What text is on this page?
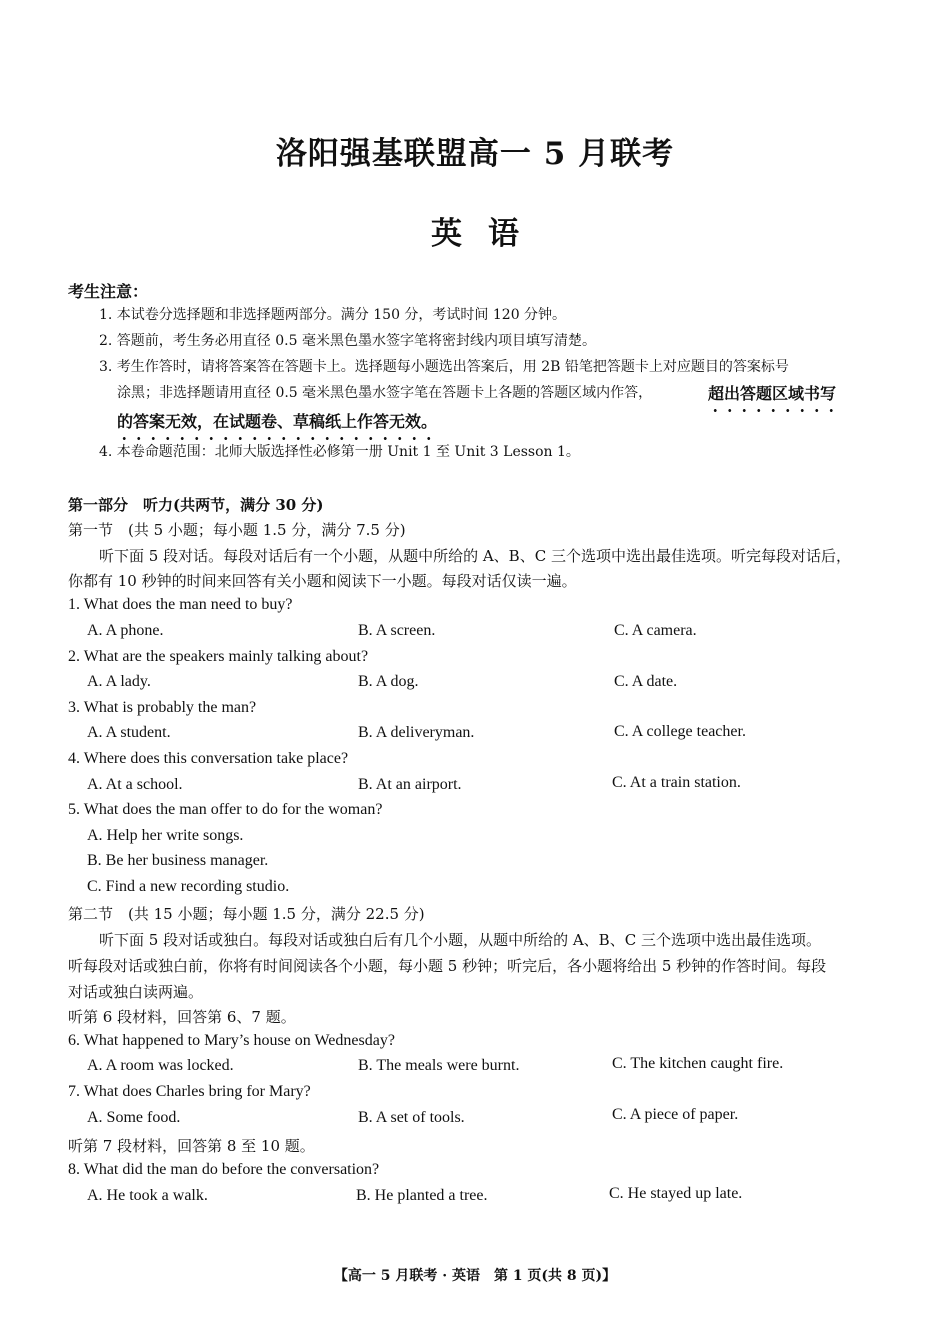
洛阳强基联盟高一 5 月联考
英语
考生注意：
1. 本试卷分选择题和非选择题两部分。满分 150 分，考试时间 120 分钟。
2. 答题前，考生务必用直径 0.5 毫米黑色墨水签字笔将密封线内项目填写清楚。
3. 考生作答时，请将答案答在答题卡上。选择题每小题选出答案后，用 2B 铅笔把答题卡上对应题目的答案标号
涂黑；非选择题请用直径 0.5 毫米黑色墨水签字笔在答题卡上各题的答题区域内作答，	超出答题区域书写
的答案无效，在试题卷、草稿纸上作答无效。
4. 本卷命题范围：北师大版选择性必修第一册 Unit 1 至 Unit 3 Lesson 1。
第一部分　听力(共两节，满分 30 分)
第一节　(共 5 小题；每小题 1.5 分，满分 7.5 分)
听下面 5 段对话。每段对话后有一个小题，从题中所给的 A、B、C 三个选项中选出最佳选项。听完每段对话后，
你都有 10 秒钟的时间来回答有关小题和阅读下一小题。每段对话仅读一遍。
1. What does the man need to buy?
A. A phone.	B. A screen.	C. A camera.
2. What are the speakers mainly talking about?
A. A lady.	B. A dog.	C. A date.
3. What is probably the man?
A. A student.	B. A deliveryman.	C. A college teacher.
4. Where does this conversation take place?
A. At a school.	B. At an airport.	C. At a train station.
5. What does the man offer to do for the woman?
A. Help her write songs.
B. Be her business manager.
C. Find a new recording studio.
第二节　(共 15 小题；每小题 1.5 分，满分 22.5 分)
听下面 5 段对话或独白。每段对话或独白后有几个小题，从题中所给的 A、B、C 三个选项中选出最佳选项。
听每段对话或独白前，你将有时间阅读各个小题，每小题 5 秒钟；听完后，各小题将给出 5 秒钟的作答时间。每段
对话或独白读两遍。
听第 6 段材料，回答第 6、7 题。
6. What happened to Mary’s house on Wednesday?
A. A room was locked.	B. The meals were burnt.	C. The kitchen caught fire.
7. What does Charles bring for Mary?
A. Some food.	B. A set of tools.	C. A piece of paper.
听第 7 段材料，回答第 8 至 10 题。
8. What did the man do before the conversation?
A. He took a walk.	B. He planted a tree.	C. He stayed up late.
【高一 5 月联考 · 英语　第 1 页(共 8 页)】
